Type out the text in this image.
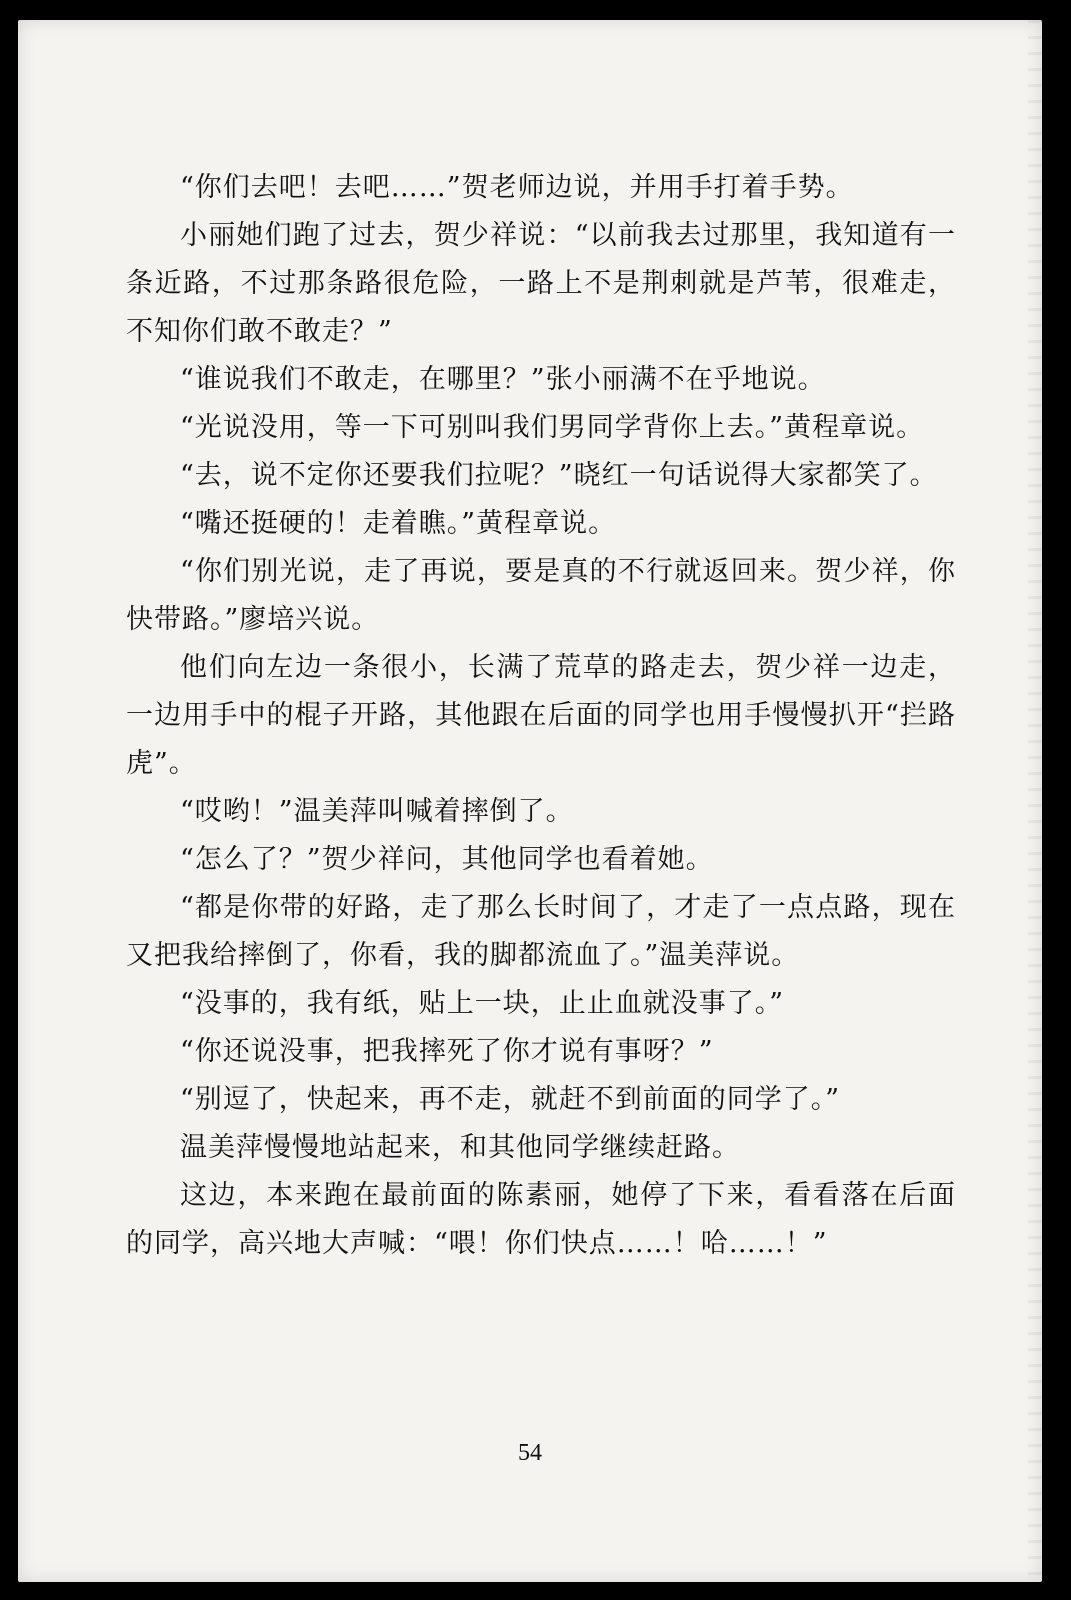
“你们去吧！去吧……”贺老师边说，并用手打着手势。

小丽她们跑了过去，贺少祥说：“以前我去过那里，我知道有一条近路，不过那条路很危险，一路上不是荆刺就是芦苇，很难走，不知你们敢不敢走？”

“谁说我们不敢走，在哪里？”张小丽满不在乎地说。

“光说没用，等一下可别叫我们男同学背你上去。”黄程章说。

“去，说不定你还要我们拉呢？”晓红一句话说得大家都笑了。

“嘴还挺硬的！走着瞧。”黄程章说。

“你们别光说，走了再说，要是真的不行就返回来。贺少祥，你快带路。”廖培兴说。

他们向左边一条很小，长满了荒草的路走去，贺少祥一边走，一边用手中的棍子开路，其他跟在后面的同学也用手慢慢扒开“拦路虎”。

“哎哟！”温美萍叫喊着摔倒了。

“怎么了？”贺少祥问，其他同学也看着她。

“都是你带的好路，走了那么长时间了，才走了一点点路，现在又把我给摔倒了，你看，我的脚都流血了。”温美萍说。

“没事的，我有纸，贴上一块，止止血就没事了。”

“你还说没事，把我摔死了你才说有事呀？”

“别逗了，快起来，再不走，就赶不到前面的同学了。”

温美萍慢慢地站起来，和其他同学继续赶路。

这边，本来跑在最前面的陈素丽，她停了下来，看看落在后面的同学，高兴地大声喊：“喂！你们快点……！哈……！”

54
